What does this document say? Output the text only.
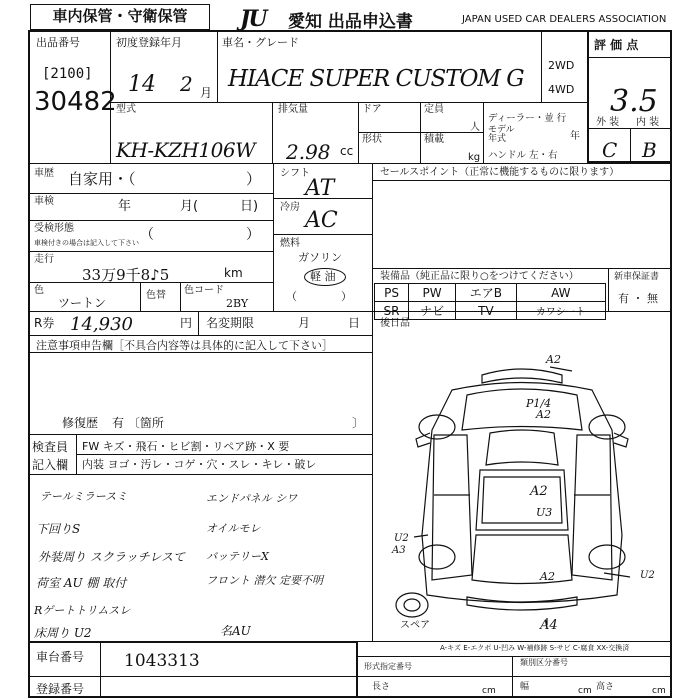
車内保管・守衛保管	JU 愛知 出品申込書	JAPAN USED CAR DEALERS ASSOCIATION
出品番号
[2100]
30482
初度登録年月
14 2 月
車名・グレード
HIACE SUPER CUSTOM G
2WD
4WD
評 価 点
3.5
外 装 内 装
C B
型式
KH-KZH106W
排気量
2.98 cc
ドア	定員
人
形状	積載
kg
ディーラー・並 行
モデル
年式	年
ハンドル 左・右
車歴 自家用・（	）
車検	年	月(	日)
受検形態
車検付きの場合は記入して下さい （	）
走行
33万9千8♪5	km
色
ツートン
色替 色コード
2BY
シフト
AT
冷房
AC
燃料
ガソリン
軽 油
（　　　　）
セールスポイント（正常に機能するものに限ります）
装備品（純正品に限り○をつけてください）
PS	PW	エアB	AW
SR	ナビ	TV	カワシート
新車保証書
有 ・ 無
R券 14,930	円 名変期限	月	日 後日品
注意事項申告欄［不具合内容等は具体的に記入して下さい］
修復歴 有 〔箇所	〕
検査員
記入欄
FW キズ・飛石・ヒビ割・リペア跡・X 要
内装 ヨゴ・汚レ・コゲ・穴・スレ・キレ・破レ
テールミラースミ
下回りS
外装周り スクラッチレスて
荷室 AU 棚 取付
Rゲートトリムスレ
床周り U2
エンドパネル シワ
オイルモレ
バッテリーX
フロント 潜欠 定要不明
名AU
A2
P1/4
A2
A2
U3
U2
A3
A2	U2
A4
スペア
A-キズ E-エクボ U-凹み W-補修跡 S-サビ C-腐食 XX-交換済
車台番号 1043313
登録番号
形式指定番号	類別区分番号
長さ	cm	幅	cm 高さ	cm
